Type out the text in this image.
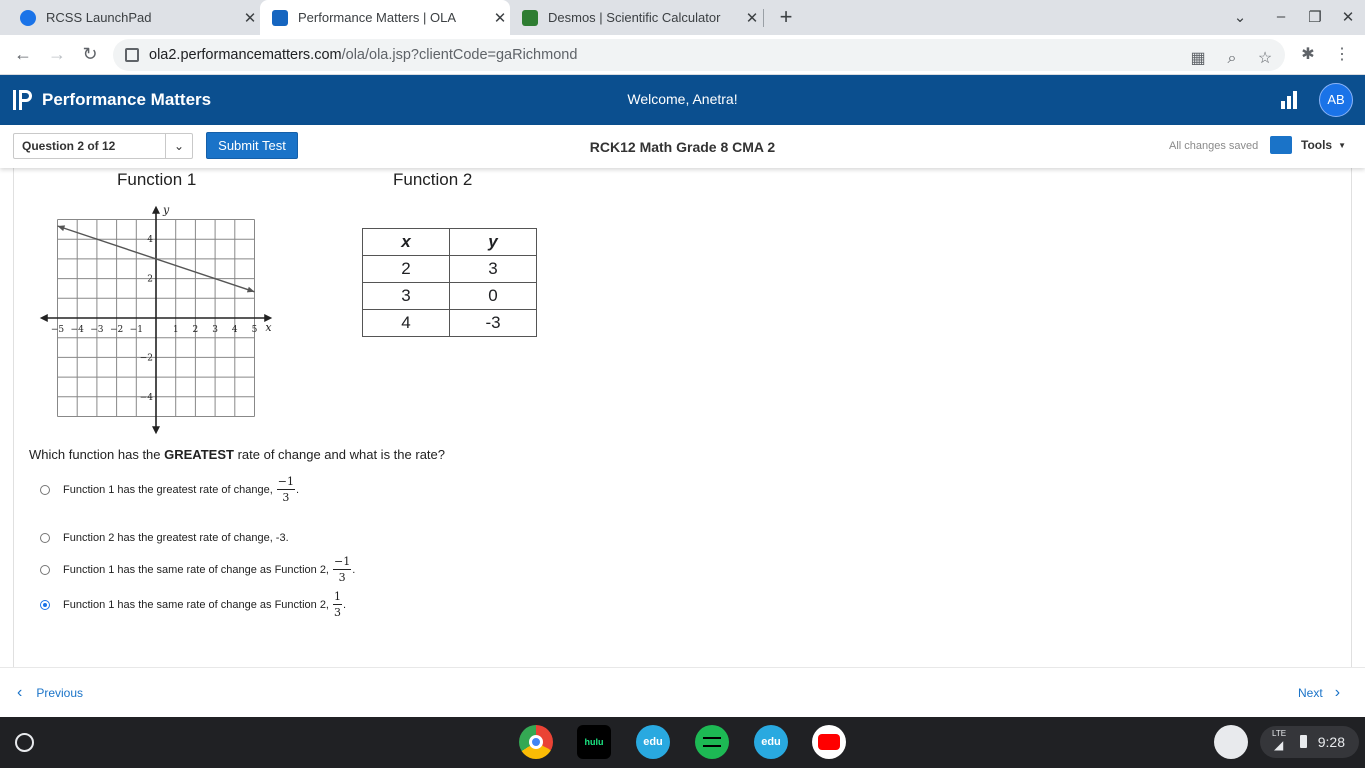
RCSS LaunchPad	✕	Performance Matters | OLA	✕	Desmos | Scientific Calculator	✕ +	⌄	–	❐ ✕
← → ↻	ola2.performancematters.com/ola/ola.jsp?clientCode=gaRichmond	▦	⌕	☆ ✱ ⋮
Performance Matters	Welcome, Anetra!	AB
Question 2 of 12	⌄	Submit Test	RCK12 Math Grade 8 CMA 2	All changes saved	Tools ▼
Function 1	Function 2
x
y
−5 −4 −3 −2 −1	1 2 3 4 5
4
2
−2
−4
x	y
2	3
3	0
4	-3
Which function has the GREATEST rate of change and what is the rate?
Function 1 has the greatest rate of change, $\frac{-1}{3}$ .
Function 2 has the greatest rate of change, -3.
Function 1 has the same rate of change as Function 2, $\frac{-1}{3}$ .
Function 1 has the same rate of change as Function 2, $\frac{1}{3}$ .
‹ Previous	Next ›
hulu	edu	edu
LTE
◢ 9:28
